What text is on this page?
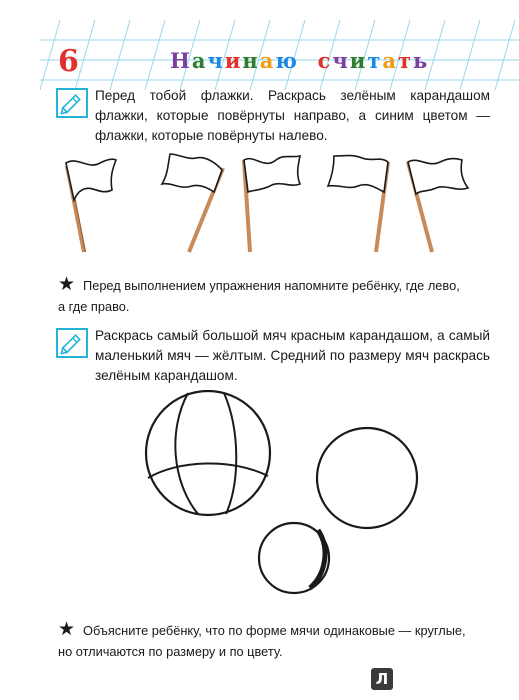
6	Начинаю считать
Перед тобой флажки. Раскрась зелёным карандашом флажки, которые повёрнуты направо, а синим цветом — флажки, которые повёрнуты налево.
★ Перед выполнением упражнения напомните ребёнку, где лево,
а где право.
Раскрась самый большой мяч красным карандашом, а самый маленький мяч — жёлтым. Средний по размеру мяч раскрась зелёным карандашом.
★ Объясните ребёнку, что по форме мячи одинаковые — круглые,
но отличаются по размеру и по цвету.
Л
